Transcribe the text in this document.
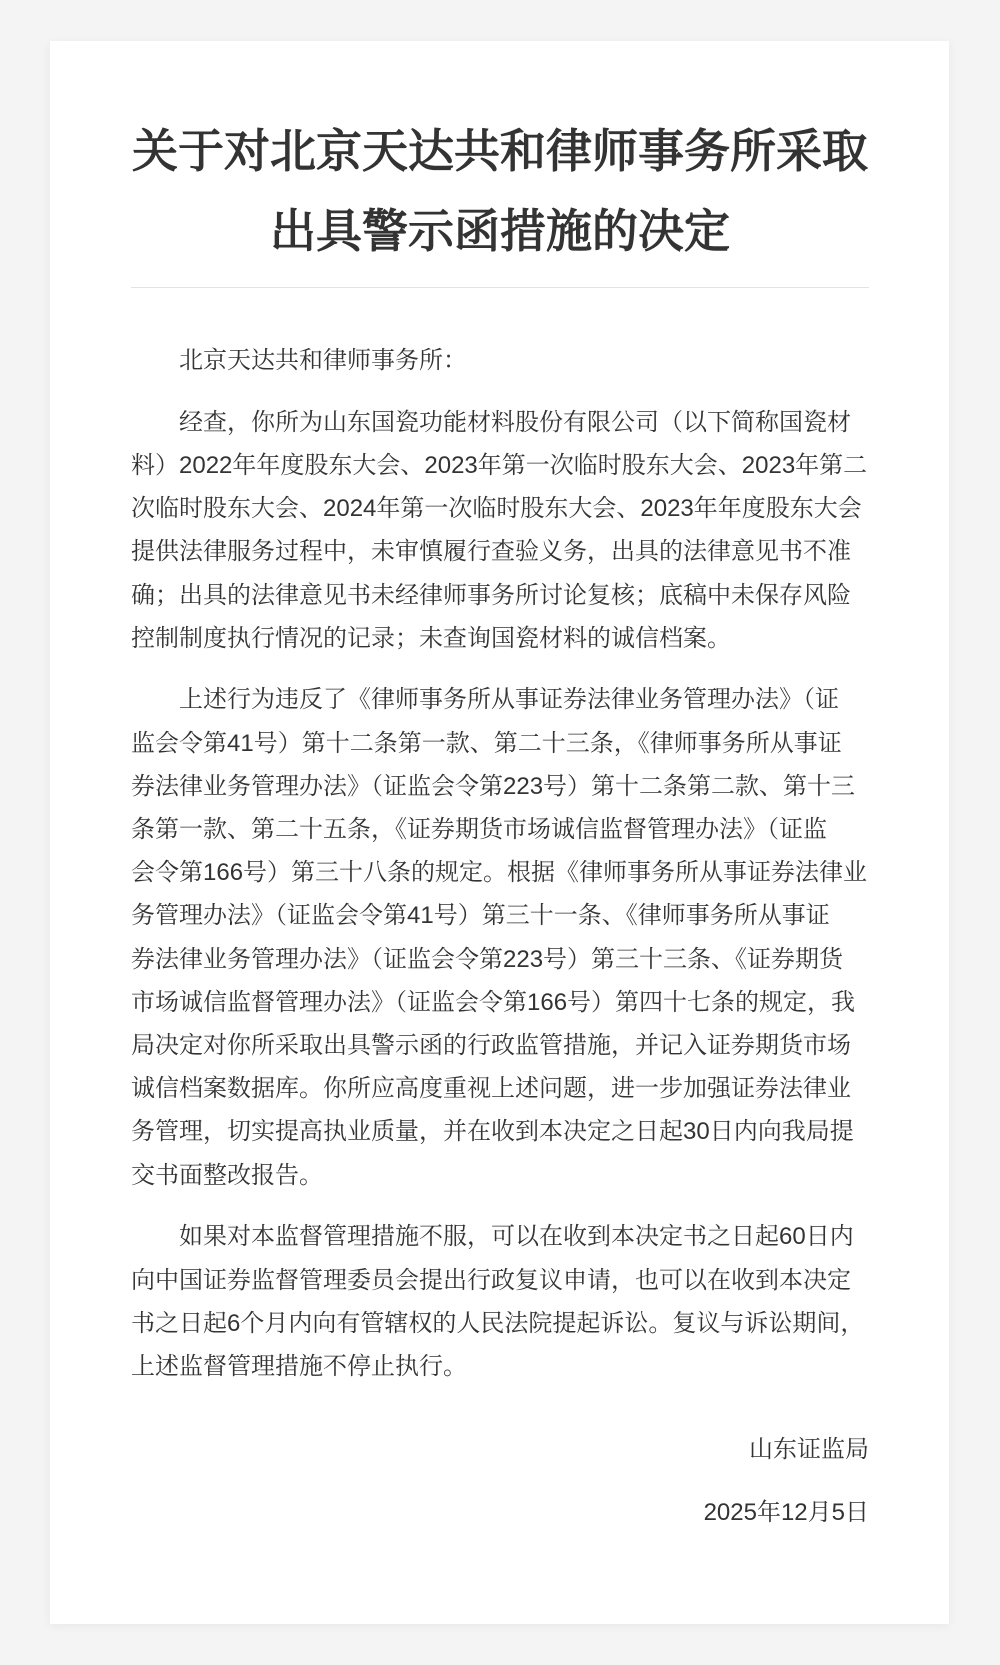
关于对北京天达共和律师事务所采取
出具警示函措施的决定

北京天达共和律师事务所：

经查，你所为山东国瓷功能材料股份有限公司（以下简称国瓷材
料）2022年年度股东大会、2023年第一次临时股东大会、2023年第二
次临时股东大会、2024年第一次临时股东大会、2023年年度股东大会
提供法律服务过程中，未审慎履行查验义务，出具的法律意见书不准
确；出具的法律意见书未经律师事务所讨论复核；底稿中未保存风险
控制制度执行情况的记录；未查询国瓷材料的诚信档案。

上述行为违反了《律师事务所从事证券法律业务管理办法》（证
监会令第41号）第十二条第一款、第二十三条，《律师事务所从事证
券法律业务管理办法》（证监会令第223号）第十二条第二款、第十三
条第一款、第二十五条，《证券期货市场诚信监督管理办法》（证监
会令第166号）第三十八条的规定。根据《律师事务所从事证券法律业
务管理办法》（证监会令第41号）第三十一条、《律师事务所从事证
券法律业务管理办法》（证监会令第223号）第三十三条、《证券期货
市场诚信监督管理办法》（证监会令第166号）第四十七条的规定，我
局决定对你所采取出具警示函的行政监管措施，并记入证券期货市场
诚信档案数据库。你所应高度重视上述问题，进一步加强证券法律业
务管理，切实提高执业质量，并在收到本决定之日起30日内向我局提
交书面整改报告。

如果对本监督管理措施不服，可以在收到本决定书之日起60日内
向中国证券监督管理委员会提出行政复议申请，也可以在收到本决定
书之日起6个月内向有管辖权的人民法院提起诉讼。复议与诉讼期间，
上述监督管理措施不停止执行。

山东证监局
2025年12月5日
